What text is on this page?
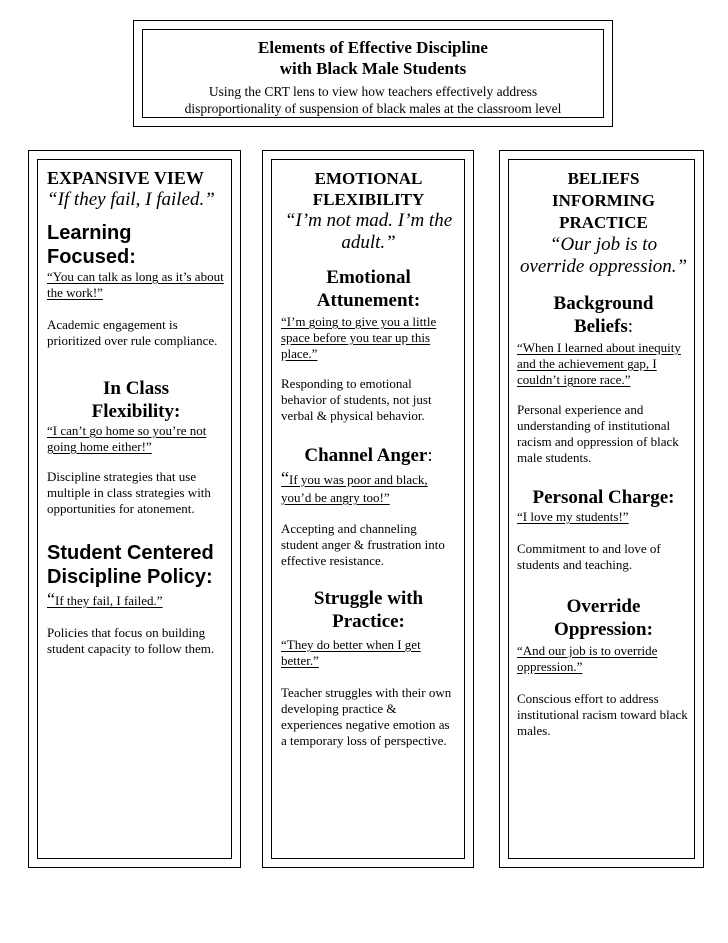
Elements of Effective Discipline
with Black Male Students
Using the CRT lens to view how teachers effectively address
disproportionality of suspension of black males at the classroom level
EXPANSIVE VIEW
“If they fail, I failed.”
Learning Focused:
“You can talk as long as it’s about the work!”
Academic engagement is prioritized over rule compliance.
In Class
Flexibility:
“I can’t go home so you’re not going home either!”
Discipline strategies that use multiple in class strategies with opportunities for atonement.
Student Centered Discipline Policy:
“If they fail, I failed.”
Policies that focus on building student capacity to follow them.
EMOTIONAL
FLEXIBILITY
“I’m not mad. I’m the adult.”
Emotional
Attunement:
“I’m going to give you a little space before you tear up this place.”
Responding to emotional behavior of students, not just verbal & physical behavior.
Channel Anger:
“If you was poor and black, you’d be angry too!”
Accepting and channeling student anger & frustration into effective resistance.
Struggle with
Practice:
“They do better when I get better.”
Teacher struggles with their own developing practice & experiences negative emotion as a temporary loss of perspective.
BELIEFS
INFORMING
PRACTICE
“Our job is to override oppression.”
Background
Beliefs:
“When I learned about inequity and the achievement gap, I couldn’t ignore race.”
Personal experience and understanding of institutional racism and oppression of black male students.
Personal Charge:
“I love my students!”
Commitment to and love of students and teaching.
Override
Oppression:
“And our job is to override oppression.”
Conscious effort to address institutional racism toward black males.
